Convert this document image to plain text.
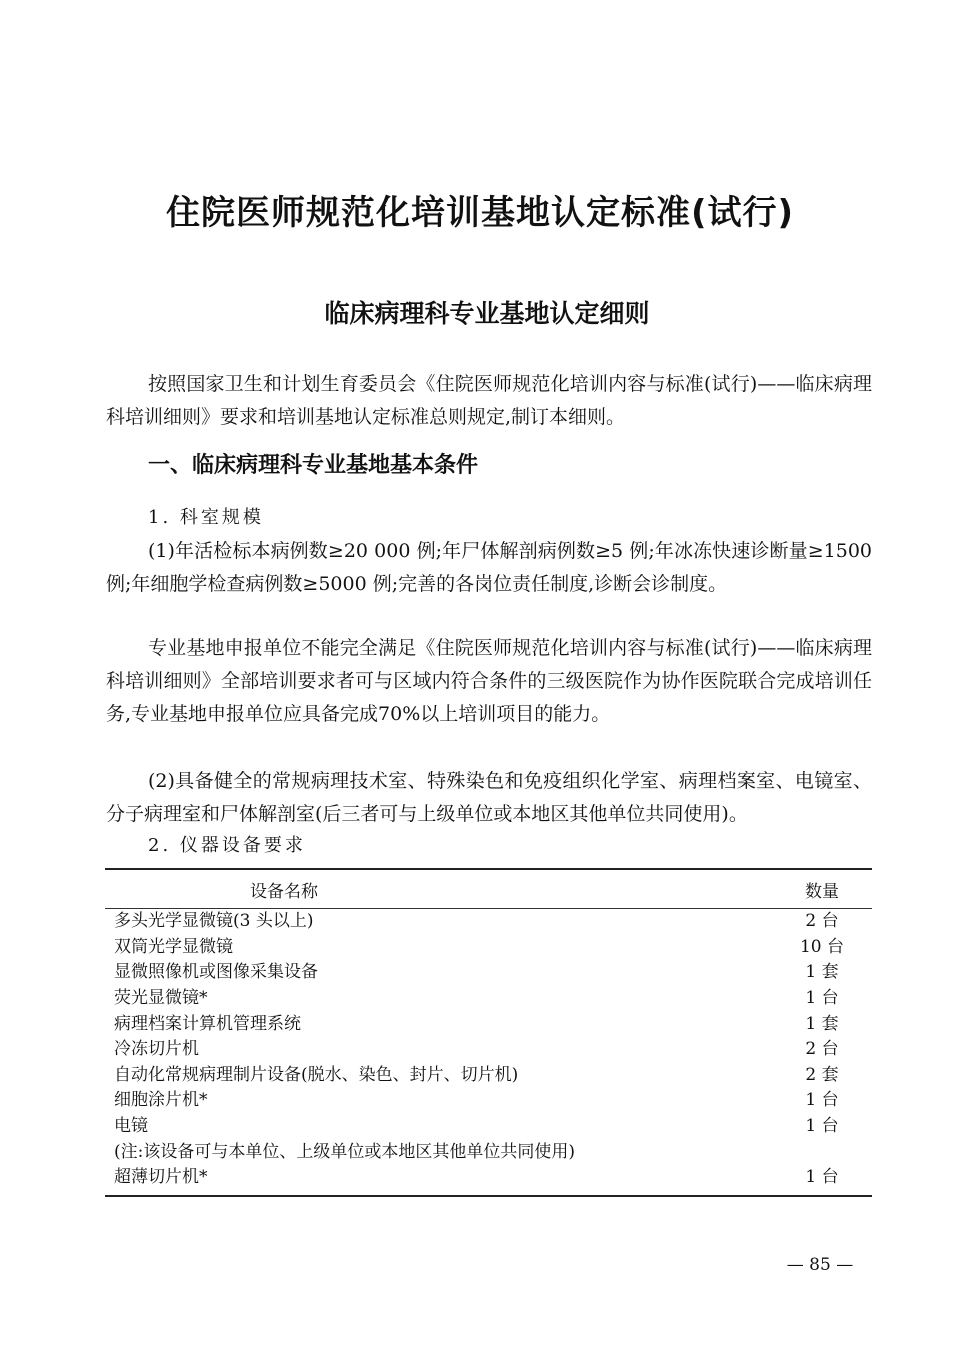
住院医师规范化培训基地认定标准(试行)
临床病理科专业基地认定细则

按照国家卫生和计划生育委员会《住院医师规范化培训内容与标准(试行)——临床病理科培训细则》要求和培训基地认定标准总则规定,制订本细则。

一、临床病理科专业基地基本条件
1. 科室规模

(1)年活检标本病例数≥20 000 例;年尸体解剖病例数≥5 例;年冰冻快速诊断量≥1500 例;年细胞学检查病例数≥5000 例;完善的各岗位责任制度,诊断会诊制度。

专业基地申报单位不能完全满足《住院医师规范化培训内容与标准(试行)——临床病理科培训细则》全部培训要求者可与区域内符合条件的三级医院作为协作医院联合完成培训任务,专业基地申报单位应具备完成70%以上培训项目的能力。

(2)具备健全的常规病理技术室、特殊染色和免疫组织化学室、病理档案室、电镜室、分子病理室和尸体解剖室(后三者可与上级单位或本地区其他单位共同使用)。

2. 仪器设备要求
设备名称	数量
多头光学显微镜(3 头以上)	2 台
双筒光学显微镜	10 台
显微照像机或图像采集设备	1 套
荧光显微镜*	1 台
病理档案计算机管理系统	1 套
冷冻切片机	2 台
自动化常规病理制片设备(脱水、染色、封片、切片机)	2 套
细胞涂片机*	1 台
电镜	1 台
(注:该设备可与本单位、上级单位或本地区其他单位共同使用)	
超薄切片机*	1 台
— 85 —
